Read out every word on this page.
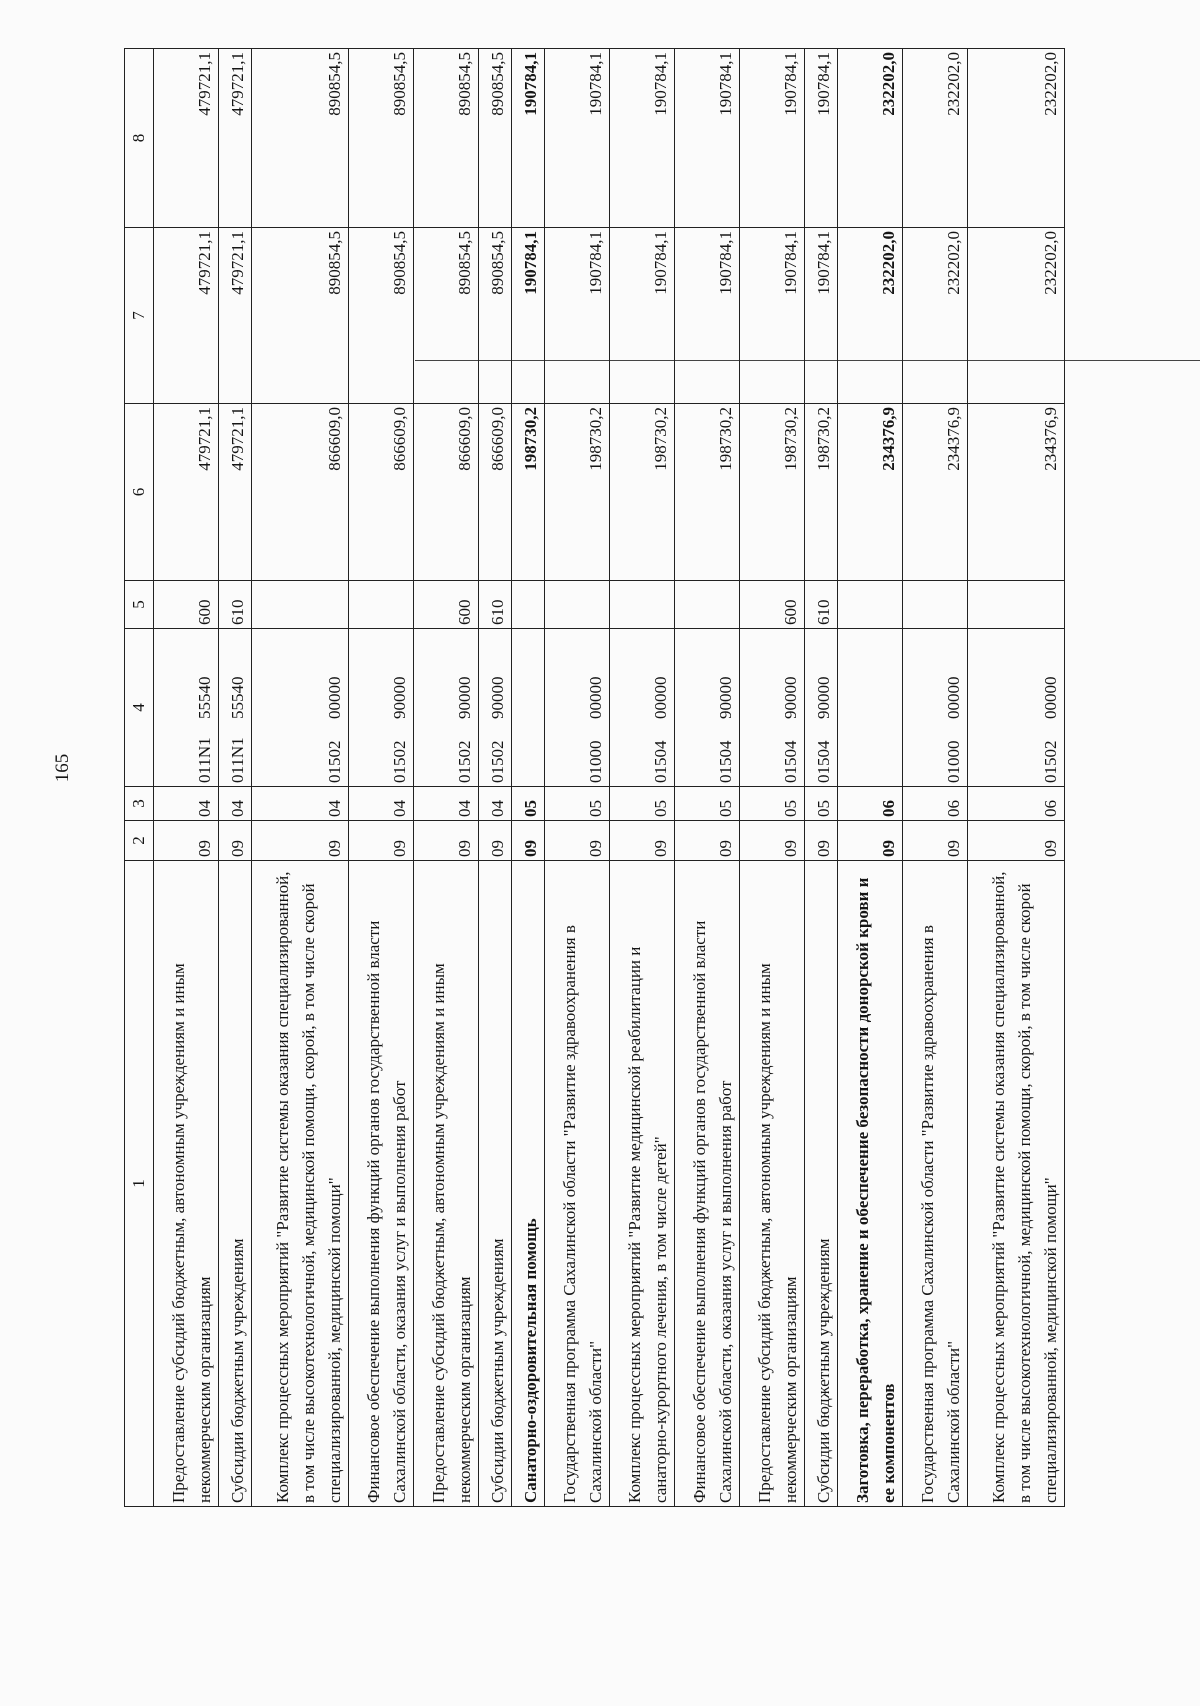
165
1	2	3	4	5	6	7	8
Предоставление субсидий бюджетным, автономным учреждениям и иным некоммерческим организациям	09	04	011N155540	600	479721,1	479721,1	479721,1
Субсидии бюджетным учреждениям	09	04	011N155540	610	479721,1	479721,1	479721,1
Комплекс процессных мероприятий "Развитие системы оказания специализированной, в том числе высокотехнологичной, медицинской помощи, скорой, в том числе скорой специализированной, медицинской помощи"	09	04	0150200000		866609,0	890854,5	890854,5
Финансовое обеспечение выполнения функций органов государственной власти Сахалинской области, оказания услуг и выполнения работ	09	04	0150290000		866609,0	890854,5	890854,5
Предоставление субсидий бюджетным, автономным учреждениям и иным некоммерческим организациям	09	04	0150290000	600	866609,0	890854,5	890854,5
Субсидии бюджетным учреждениям	09	04	0150290000	610	866609,0	890854,5	890854,5
Санаторно-оздоровительная помощь	09	05			198730,2	190784,1	190784,1
Государственная программа Сахалинской области "Развитие здравоохранения в Сахалинской области"	09	05	0100000000		198730,2	190784,1	190784,1
Комплекс процессных мероприятий "Развитие медицинской реабилитации и санаторно-курортного лечения, в том числе детей"	09	05	0150400000		198730,2	190784,1	190784,1
Финансовое обеспечение выполнения функций органов государственной власти Сахалинской области, оказания услуг и выполнения работ	09	05	0150490000		198730,2	190784,1	190784,1
Предоставление субсидий бюджетным, автономным учреждениям и иным некоммерческим организациям	09	05	0150490000	600	198730,2	190784,1	190784,1
Субсидии бюджетным учреждениям	09	05	0150490000	610	198730,2	190784,1	190784,1
Заготовка, переработка, хранение и обеспечение безопасности донорской крови и ее компонентов	09	06			234376,9	232202,0	232202,0
Государственная программа Сахалинской области "Развитие здравоохранения в Сахалинской области"	09	06	0100000000		234376,9	232202,0	232202,0
Комплекс процессных мероприятий "Развитие системы оказания специализированной, в том числе высокотехнологичной, медицинской помощи, скорой, в том числе скорой специализированной, медицинской помощи"	09	06	0150200000		234376,9	232202,0	232202,0
